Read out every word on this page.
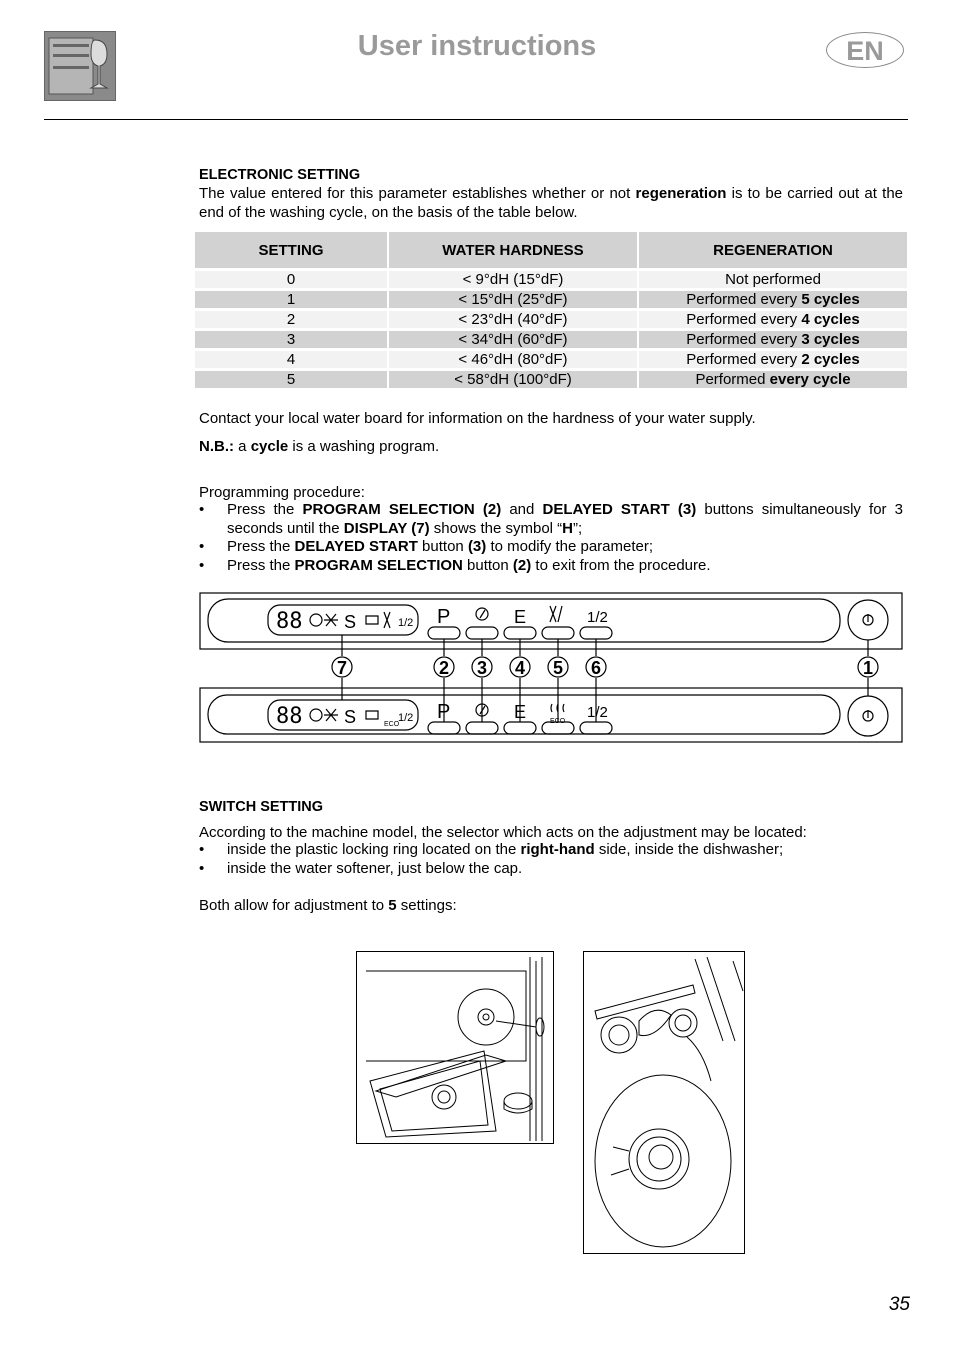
User instructions	EN
ELECTRONIC SETTING
The value entered for this parameter establishes whether or not regeneration is to be carried out at the end of the washing cycle, on the basis of the table below.
SETTING	WATER HARDNESS	REGENERATION
0	< 9°dH (15°dF)	Not performed
1	< 15°dH (25°dF)	Performed every 5 cycles
2	< 23°dH (40°dF)	Performed every 4 cycles
3	< 34°dH (60°dF)	Performed every 3 cycles
4	< 46°dH (80°dF)	Performed every 2 cycles
5	< 58°dH (100°dF)	Performed every cycle
Contact your local water board for information on the hardness of your water supply.
N.B.: a cycle is a washing program.
Programming procedure:
• Press the PROGRAM SELECTION (2) and DELAYED START (3) buttons simultaneously for 3 seconds until the DISPLAY (7) shows the symbol “H”;
• Press the DELAYED START button (3) to modify the parameter;
• Press the PROGRAM SELECTION button (2) to exit from the procedure.
88
88
S
S
1/2
1/2
ECO
P	E	1/2
P	E	1/2
ECO
7	2 3 4 5 6	1
SWITCH SETTING
According to the machine model, the selector which acts on the adjustment may be located:
• inside the plastic locking ring located on the right-hand side, inside the dishwasher;
• inside the water softener, just below the cap.
Both allow for adjustment to 5 settings:
35
